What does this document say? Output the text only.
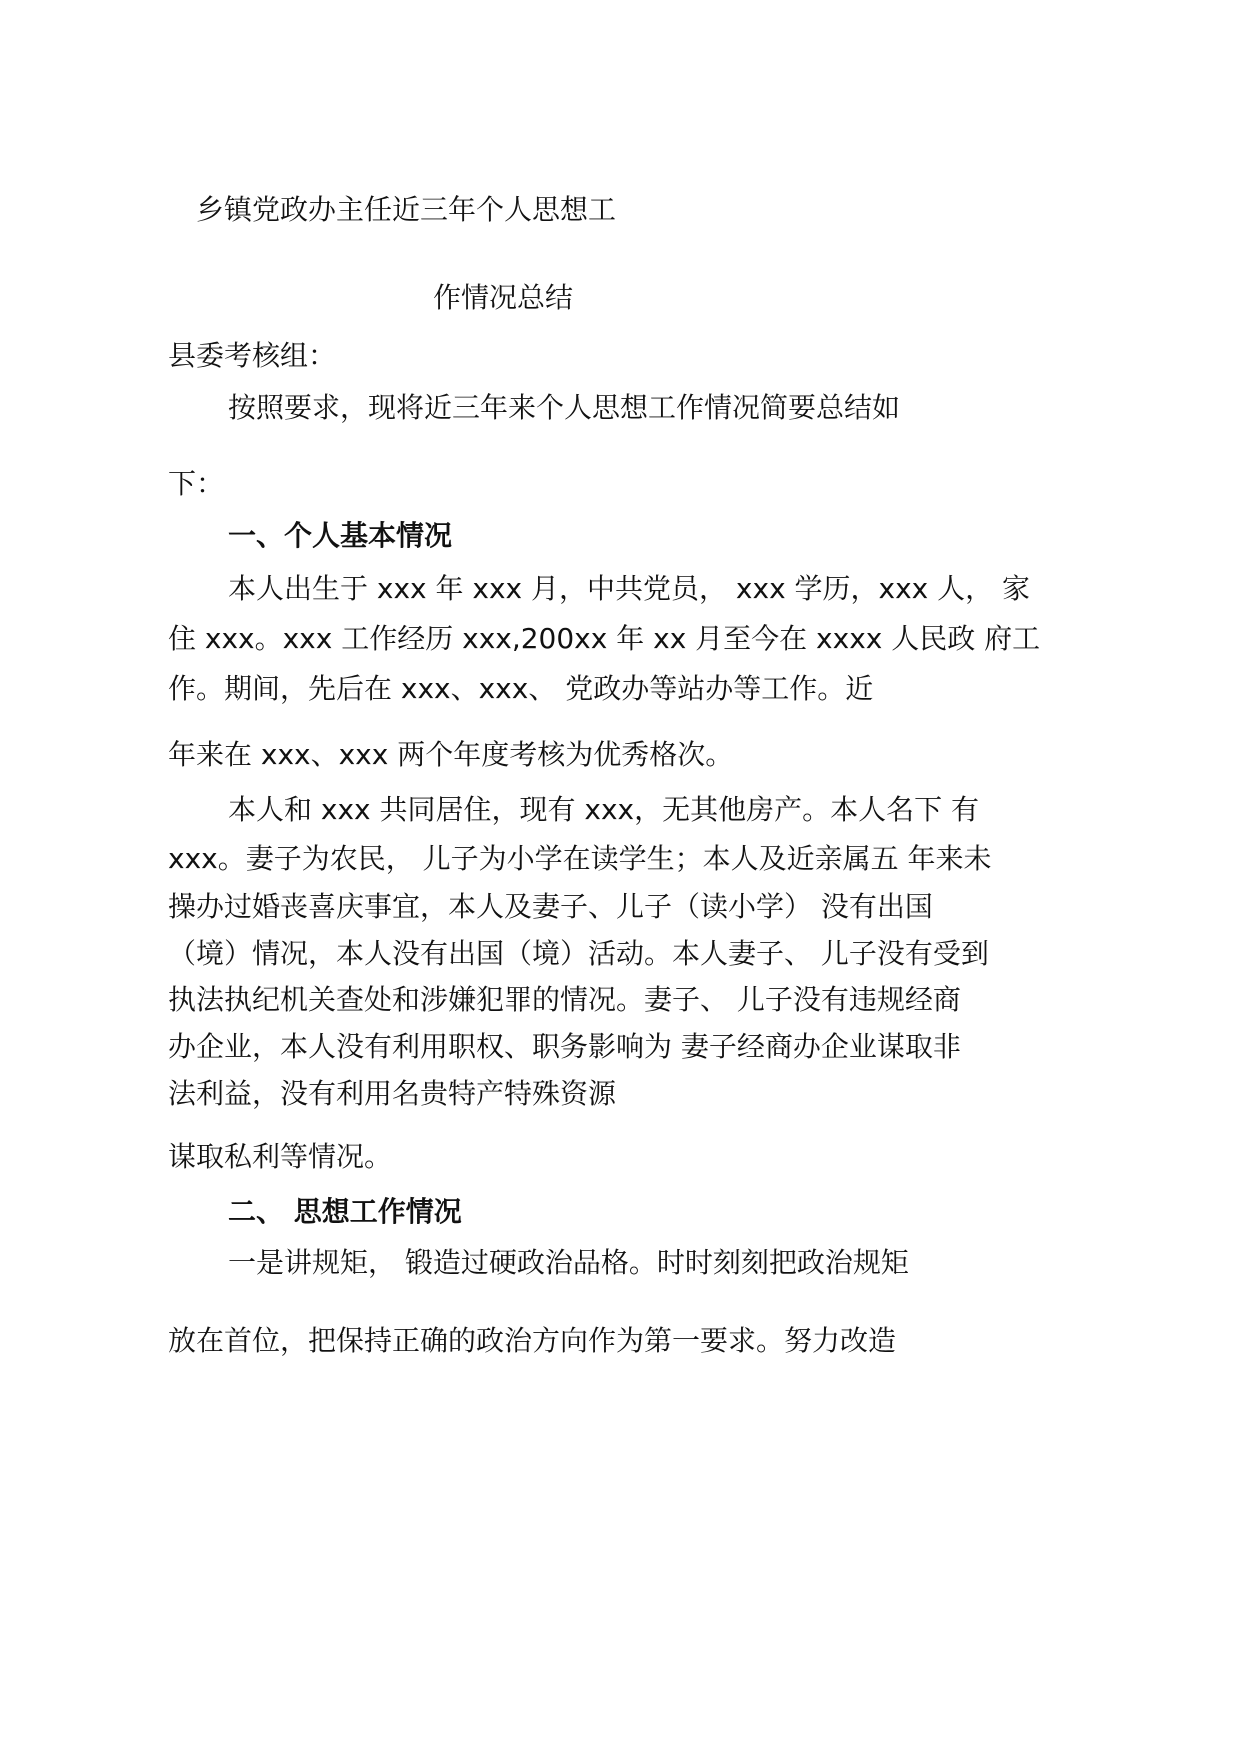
乡镇党政办主任近三年个人思想工

作情况总结

县委考核组：

按照要求，现将近三年来个人思想工作情况简要总结如

下：

一、个人基本情况

本人出生于 xxx 年 xxx 月，中共党员， xxx 学历，xxx 人， 家

住 xxx。xxx 工作经历 xxx,200xx 年 xx 月至今在 xxxx 人民政 府工

作。期间，先后在 xxx、xxx、 党政办等站办等工作。近

年来在 xxx、xxx 两个年度考核为优秀格次。

本人和 xxx 共同居住，现有 xxx，无其他房产。本人名下 有

xxx。妻子为农民， 儿子为小学在读学生；本人及近亲属五 年来未

操办过婚丧喜庆事宜，本人及妻子、儿子（读小学） 没有出国

（境）情况，本人没有出国（境）活动。本人妻子、 儿子没有受到

执法执纪机关查处和涉嫌犯罪的情况。妻子、 儿子没有违规经商

办企业，本人没有利用职权、职务影响为 妻子经商办企业谋取非

法利益，没有利用名贵特产特殊资源

谋取私利等情况。

二、 思想工作情况

一是讲规矩， 锻造过硬政治品格。时时刻刻把政治规矩

放在首位，把保持正确的政治方向作为第一要求。努力改造
